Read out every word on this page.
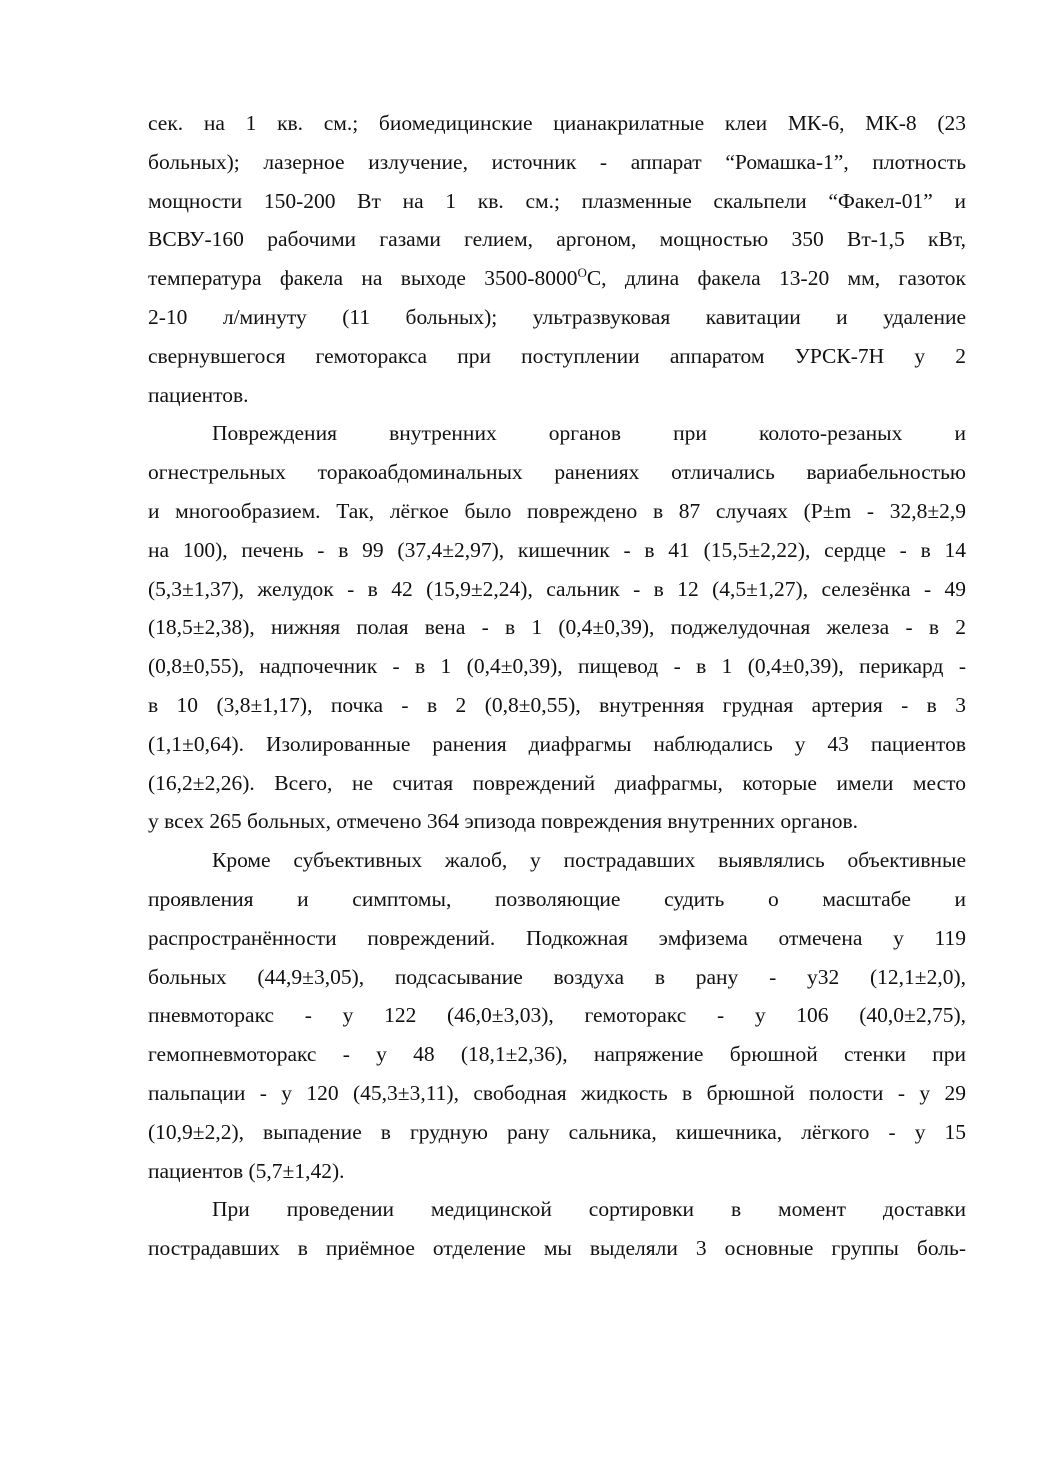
сек. на 1 кв. см.; биомедицинские цианакрилатные клеи МК-6, МК-8 (23
больных); лазерное излучение, источник - аппарат “Ромашка-1”, плотность
мощности 150-200 Вт на 1 кв. см.; плазменные скальпели “Факел-01” и
ВСВУ-160 рабочими газами гелием, аргоном, мощностью 350 Вт-1,5 кВт,
температура факела на выходе $3500-8000^ОС$, длина факела 13-20 мм, газоток
2-10 л/минуту (11 больных); ультразвуковая кавитации и удаление
свернувшегося гемоторакса при поступлении аппаратом УРСК-7Н у 2
пациентов.
Повреждения внутренних органов при колото-резаных и
огнестрельных торакоабдоминальных ранениях отличались вариабельностью
и многообразием. Так, лёгкое было повреждено в 87 случаях (P±m - 32,8±2,9
на 100), печень - в 99 (37,4±2,97), кишечник - в 41 (15,5±2,22), сердце - в 14
(5,3±1,37), желудок - в 42 (15,9±2,24), сальник - в 12 (4,5±1,27), селезёнка - 49
(18,5±2,38), нижняя полая вена - в 1 (0,4±0,39), поджелудочная железа - в 2
(0,8±0,55), надпочечник - в 1 (0,4±0,39), пищевод - в 1 (0,4±0,39), перикард -
в 10 (3,8±1,17), почка - в 2 (0,8±0,55), внутренняя грудная артерия - в 3
(1,1±0,64). Изолированные ранения диафрагмы наблюдались у 43 пациентов
(16,2±2,26). Всего, не считая повреждений диафрагмы, которые имели место
у всех 265 больных, отмечено 364 эпизода повреждения внутренних органов.
Кроме субъективных жалоб, у пострадавших выявлялись объективные
проявления и симптомы, позволяющие судить о масштабе и
распространённости повреждений. Подкожная эмфизема отмечена у 119
больных (44,9±3,05), подсасывание воздуха в рану - у32 (12,1±2,0),
пневмоторакс - у 122 (46,0±3,03), гемоторакс - у 106 (40,0±2,75),
гемопневмоторакс - у 48 (18,1±2,36), напряжение брюшной стенки при
пальпации - у 120 (45,3±3,11), свободная жидкость в брюшной полости - у 29
(10,9±2,2), выпадение в грудную рану сальника, кишечника, лёгкого - у 15
пациентов (5,7±1,42).
При проведении медицинской сортировки в момент доставки
пострадавших в приёмное отделение мы выделяли 3 основные группы боль-
